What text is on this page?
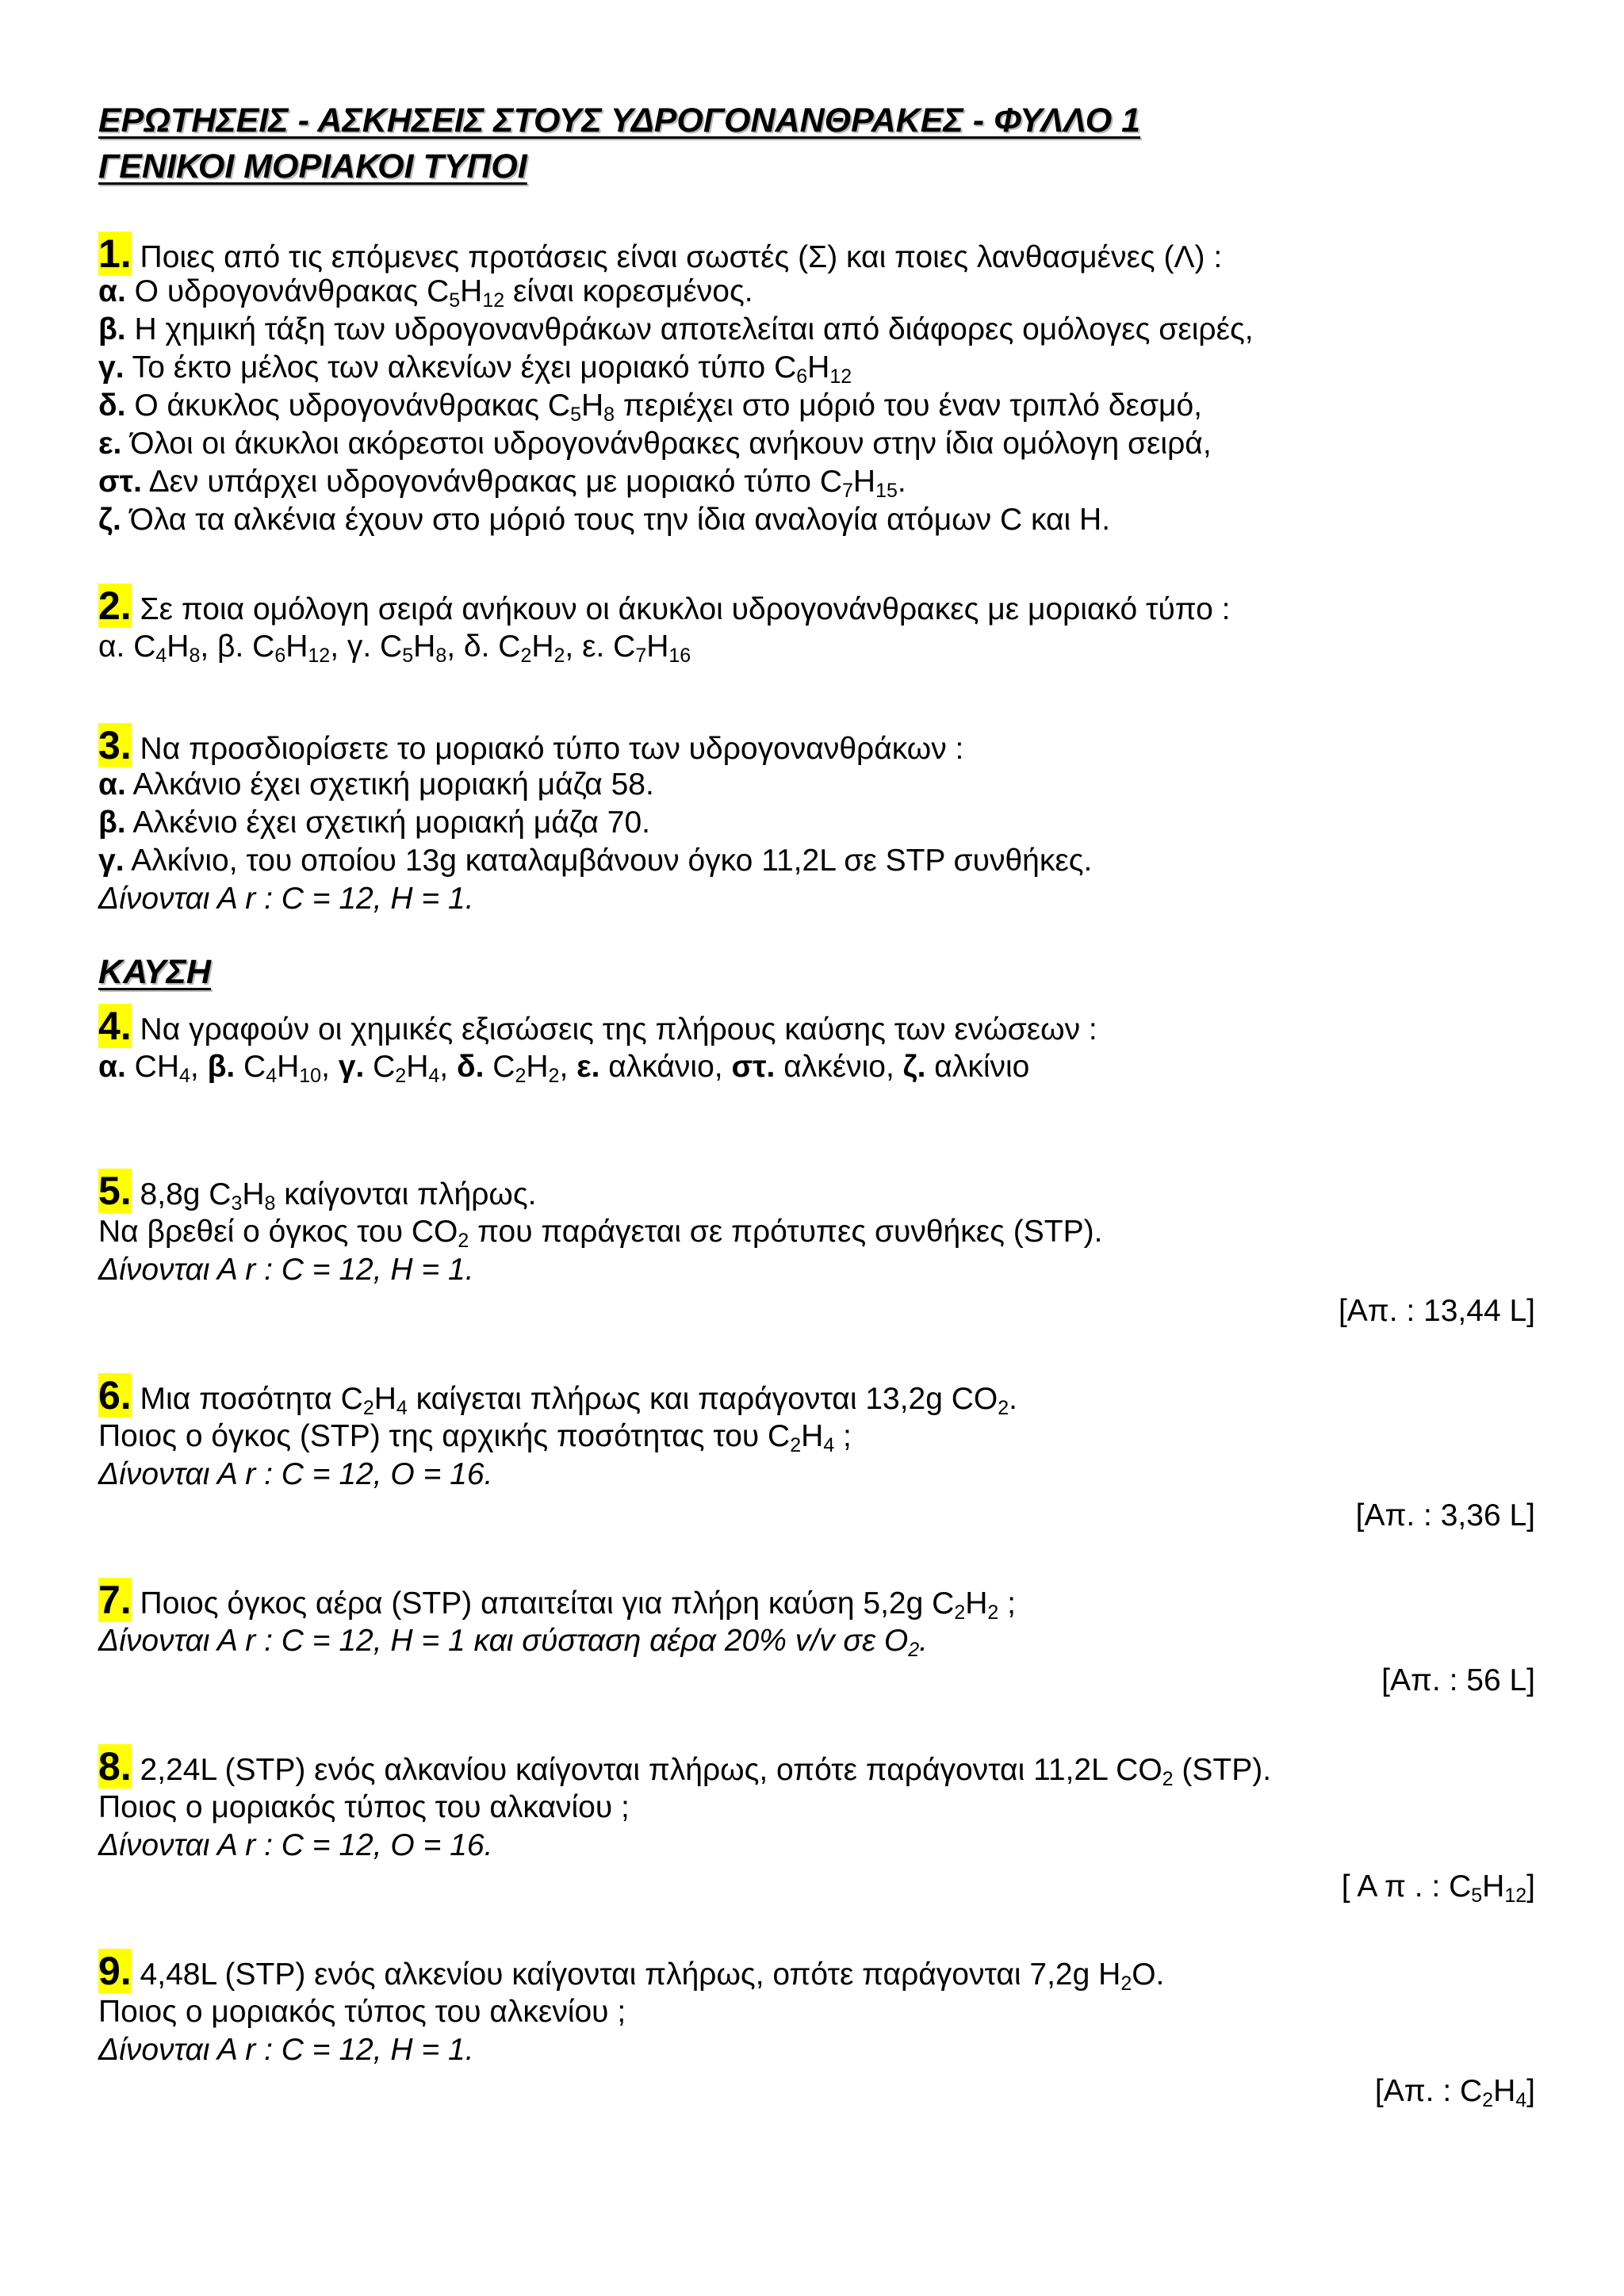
ΕΡΩΤΗΣΕΙΣ - ΑΣΚΗΣΕΙΣ ΣΤΟΥΣ ΥΔΡΟΓΟΝΑΝΘΡΑΚΕΣ - ΦΥΛΛΟ 1
ΓΕΝΙΚΟΙ ΜΟΡΙΑΚΟΙ ΤΥΠΟΙ
1. Ποιες από τις επόμενες προτάσεις είναι σωστές (Σ) και ποιες λανθασμένες (Λ) :
α. Ο υδρογονάνθρακας $C_5H_{12}$ είναι κορεσμένος.
β. Η χημική τάξη των υδρογονανθράκων αποτελείται από διάφορες ομόλογες σειρές,
γ. Το έκτο μέλος των αλκενίων έχει μοριακό τύπο $C_6H_{12}$
δ. Ο άκυκλος υδρογονάνθρακας $C_5H_8$ περιέχει στο μόριό του έναν τριπλό δεσμό,
ε. Όλοι οι άκυκλοι ακόρεστοι υδρογονάνθρακες ανήκουν στην ίδια ομόλογη σειρά,
στ. Δεν υπάρχει υδρογονάνθρακας με μοριακό τύπο $C_7H_{15}$.
ζ. Όλα τα αλκένια έχουν στο μόριό τους την ίδια αναλογία ατόμων C και Η.
2. Σε ποια ομόλογη σειρά ανήκουν οι άκυκλοι υδρογονάνθρακες με μοριακό τύπο :
α. $C_4H_8$, β. $C_6H_{12}$, γ. $C_5H_8$, δ. $C_2H_2$, ε. $C_7H_{16}$
3. Να προσδιορίσετε το μοριακό τύπο των υδρογονανθράκων :
α. Αλκάνιο έχει σχετική μοριακή μάζα 58.
β. Αλκένιο έχει σχετική μοριακή μάζα 70.
γ. Αλκίνιο, του οποίου 13g καταλαμβάνουν όγκο 11,2L σε STP συνθήκες.
Δίνονται Α r : C = 12, H = 1.
ΚΑΥΣΗ
4. Να γραφούν οι χημικές εξισώσεις της πλήρους καύσης των ενώσεων :
α. $CH_4$, β. $C_4H_{10}$, γ. $C_2H_4$, δ. $C_2H_2$, ε. αλκάνιο, στ. αλκένιο, ζ. αλκίνιο
5. 8,8g $C_3H_8$ καίγονται πλήρως.
Να βρεθεί ο όγκος του $CO_2$ που παράγεται σε πρότυπες συνθήκες (STP).
Δίνονται Α r : C = 12, H = 1.
[Απ. : 13,44 L]
6. Μια ποσότητα $C_2H_4$ καίγεται πλήρως και παράγονται 13,2g $CO_2$.
Ποιος ο όγκος (STP) της αρχικής ποσότητας του $C_2H_4$ ;
Δίνονται Α r : C = 12, O = 16.
[Απ. : 3,36 L]
7. Ποιος όγκος αέρα (STP) απαιτείται για πλήρη καύση 5,2g $C_2H_2$ ;
Δίνονται Α r : C = 12, H = 1 και σύσταση αέρα 20% v/v σε $O_2$.
[Απ. : 56 L]
8. 2,24L (STP) ενός αλκανίου καίγονται πλήρως, οπότε παράγονται 11,2L $CO_2$ (STP).
Ποιος ο μοριακός τύπος του αλκανίου ;
Δίνονται Α r : C = 12, O = 16.
[ Α π . : $C_5H_{12}$]
9. 4,48L (STP) ενός αλκενίου καίγονται πλήρως, οπότε παράγονται 7,2g $H_2O$.
Ποιος ο μοριακός τύπος του αλκενίου ;
Δίνονται Α r : C = 12, H = 1.
[Απ. : $C_2H_4$]
